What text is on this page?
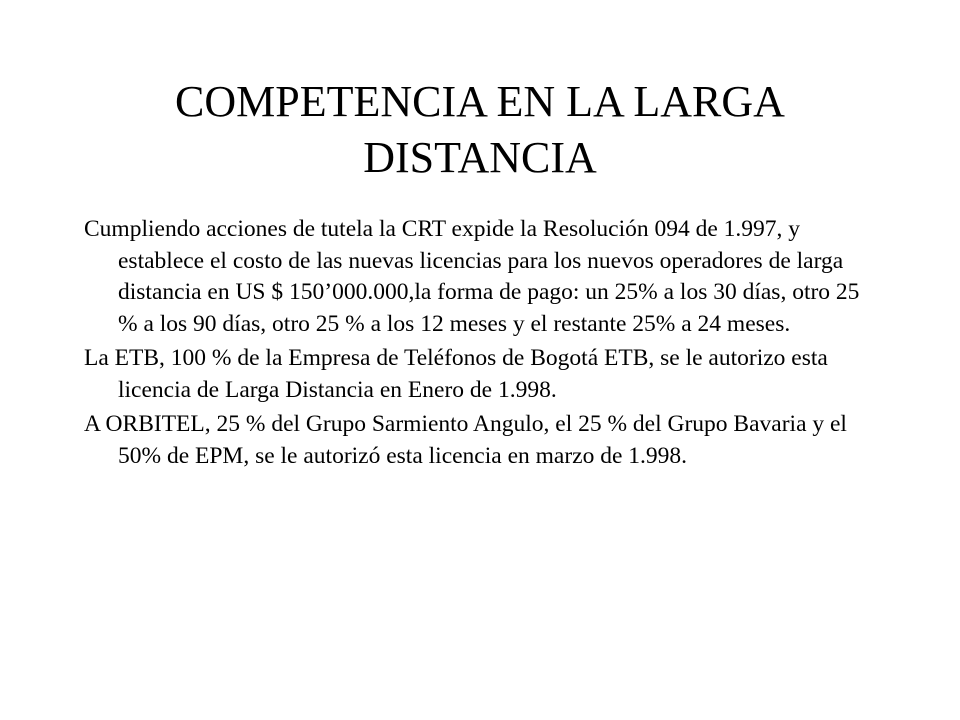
COMPETENCIA EN LA LARGA
DISTANCIA
Cumpliendo acciones de tutela la CRT expide la Resolución 094 de 1.997, y establece el costo de las nuevas licencias para los nuevos operadores de larga distancia en US $ 150’000.000,la forma de pago: un 25% a los 30 días, otro 25 % a los 90 días, otro 25 % a los 12 meses y el restante 25% a 24 meses.
La ETB, 100 % de la Empresa de Teléfonos de Bogotá ETB, se le autorizo esta licencia de Larga Distancia en Enero de 1.998.
A ORBITEL, 25 % del Grupo Sarmiento Angulo, el 25 % del Grupo Bavaria y el 50% de EPM, se le autorizó esta licencia en marzo de 1.998.
